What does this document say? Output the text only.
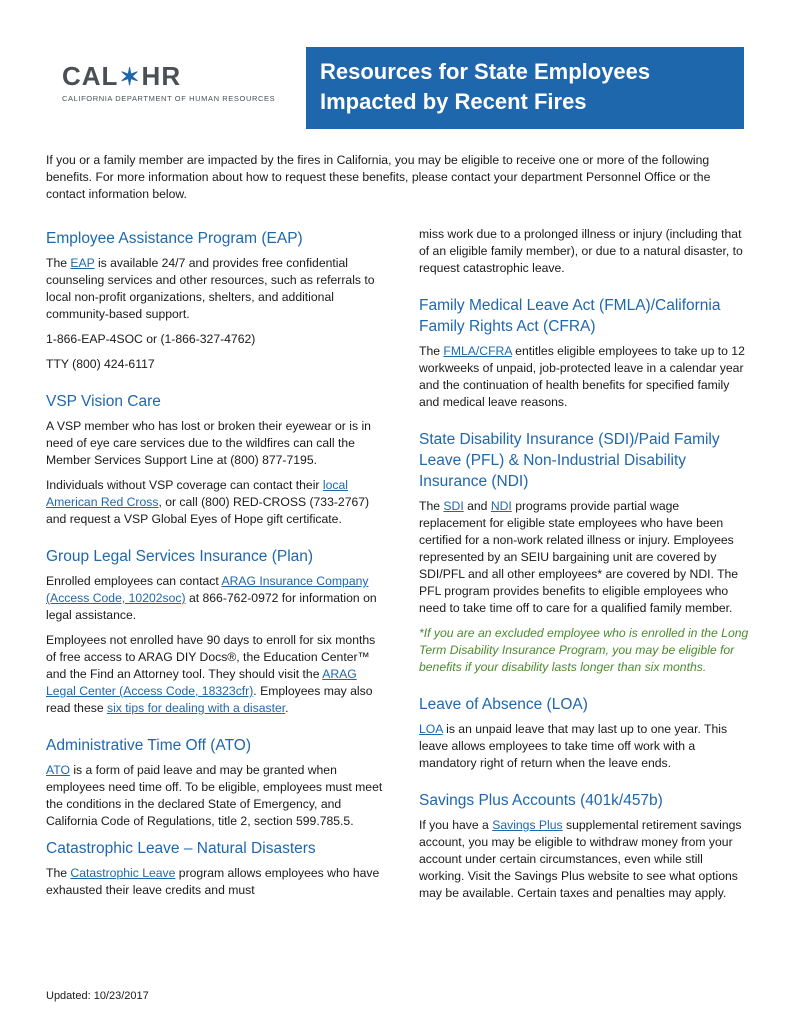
CAL✶HR
CALIFORNIA DEPARTMENT OF HUMAN RESOURCES
Resources for State Employees
Impacted by Recent Fires
If you or a family member are impacted by the fires in California, you may be eligible to receive one or more of the following benefits. For more information about how to request these benefits, please contact your department Personnel Office or the contact information below.
Employee Assistance Program (EAP)

The EAP is available 24/7 and provides free confidential counseling services and other resources, such as referrals to local non-profit organizations, shelters, and additional community-based support.

1-866-EAP-4SOC or (1-866-327-4762)

TTY (800) 424-6117

VSP Vision Care

A VSP member who has lost or broken their eyewear or is in need of eye care services due to the wildfires can call the Member Services Support Line at (800) 877-7195.

Individuals without VSP coverage can contact their local American Red Cross, or call (800) RED-CROSS (733-2767) and request a VSP Global Eyes of Hope gift certificate.

Group Legal Services Insurance (Plan)

Enrolled employees can contact ARAG Insurance Company (Access Code, 10202soc) at 866-762-0972 for information on legal assistance.

Employees not enrolled have 90 days to enroll for six months of free access to ARAG DIY Docs®, the Education Center™ and the Find an Attorney tool. They should visit the ARAG Legal Center (Access Code, 18323cfr). Employees may also read these six tips for dealing with a disaster.

Administrative Time Off (ATO)

ATO is a form of paid leave and may be granted when employees need time off. To be eligible, employees must meet the conditions in the declared State of Emergency, and California Code of Regulations, title 2, section 599.785.5.

Catastrophic Leave – Natural Disasters

The Catastrophic Leave program allows employees who have exhausted their leave credits and must

miss work due to a prolonged illness or injury (including that of an eligible family member), or due to a natural disaster, to request catastrophic leave.

Family Medical Leave Act (FMLA)/California Family Rights Act (CFRA)

The FMLA/CFRA entitles eligible employees to take up to 12 workweeks of unpaid, job-protected leave in a calendar year and the continuation of health benefits for specified family and medical leave reasons.

State Disability Insurance (SDI)/Paid Family Leave (PFL) & Non-Industrial Disability Insurance (NDI)

The SDI and NDI programs provide partial wage replacement for eligible state employees who have been certified for a non-work related illness or injury. Employees represented by an SEIU bargaining unit are covered by SDI/PFL and all other employees* are covered by NDI. The PFL program provides benefits to eligible employees who need to take time off to care for a qualified family member.

*If you are an excluded employee who is enrolled in the Long Term Disability Insurance Program, you may be eligible for benefits if your disability lasts longer than six months.

Leave of Absence (LOA)

LOA is an unpaid leave that may last up to one year. This leave allows employees to take time off work with a mandatory right of return when the leave ends.

Savings Plus Accounts (401k/457b)

If you have a Savings Plus supplemental retirement savings account, you may be eligible to withdraw money from your account under certain circumstances, even while still working. Visit the Savings Plus website to see what options may be available. Certain taxes and penalties may apply.

Updated: 10/23/2017
